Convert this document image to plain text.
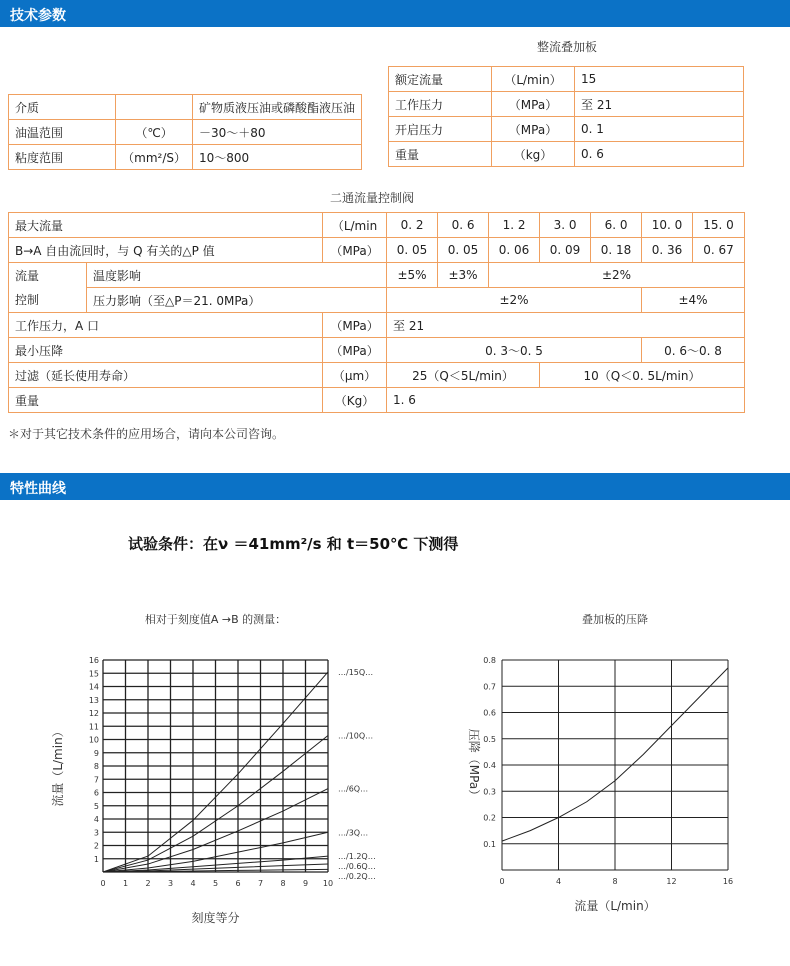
技术参数
整流叠加板
额定流量	（L/min）	15
工作压力	（MPa）	至 21
开启压力	（MPa）	0. 1
重量	（kg）	0. 6
介质		矿物质液压油或磷酸酯液压油
油温范围	（℃）	－30～＋80
粘度范围	（mm²/S）	10～800
二通流量控制阀
最大流量		（L/min	0. 2	0. 6	1. 2	3. 0	6. 0	10. 0	15. 0
B→A 自由流回时，与 Q 有关的△P 值		（MPa）	0. 05	0. 05	0. 06	0. 09	0. 18	0. 36	0. 67
流量	温度影响		±5%	±3%	±2%				
控制	压力影响（至△P＝21. 0MPa）		±2%					±4%	
工作压力，A 口		（MPa）	至 21						
最小压降		（MPa）	0. 3～0. 5					0. 6～0. 8	
过滤（延长使用寿命）		（μm）	25（Q＜5L/min）			10（Q＜0. 5L/min）			
重量		（Kg）	1. 6						
＊对于其它技术条件的应用场合，请向本公司咨询。
特性曲线
试验条件：在ν ＝41mm²/s 和 t＝50℃ 下测得
相对于刻度值A →B 的测量：
0 1 2 3 4 5 6 7 8 9 10
1
2
3
4
5
6
7
8
9
10
11
12
13
14
15
16
刻度等分
流量（L/min）
…/15Q…
…/10Q…
…/6Q…
…/3Q…
…/1.2Q…
…/0.6Q…
…/0.2Q…
叠加板的压降
0	4	8	12	16
0.1
0.2
0.3
0.4
0.5
0.6
0.7
0.8
流量（L/min）
压降（MPa）
